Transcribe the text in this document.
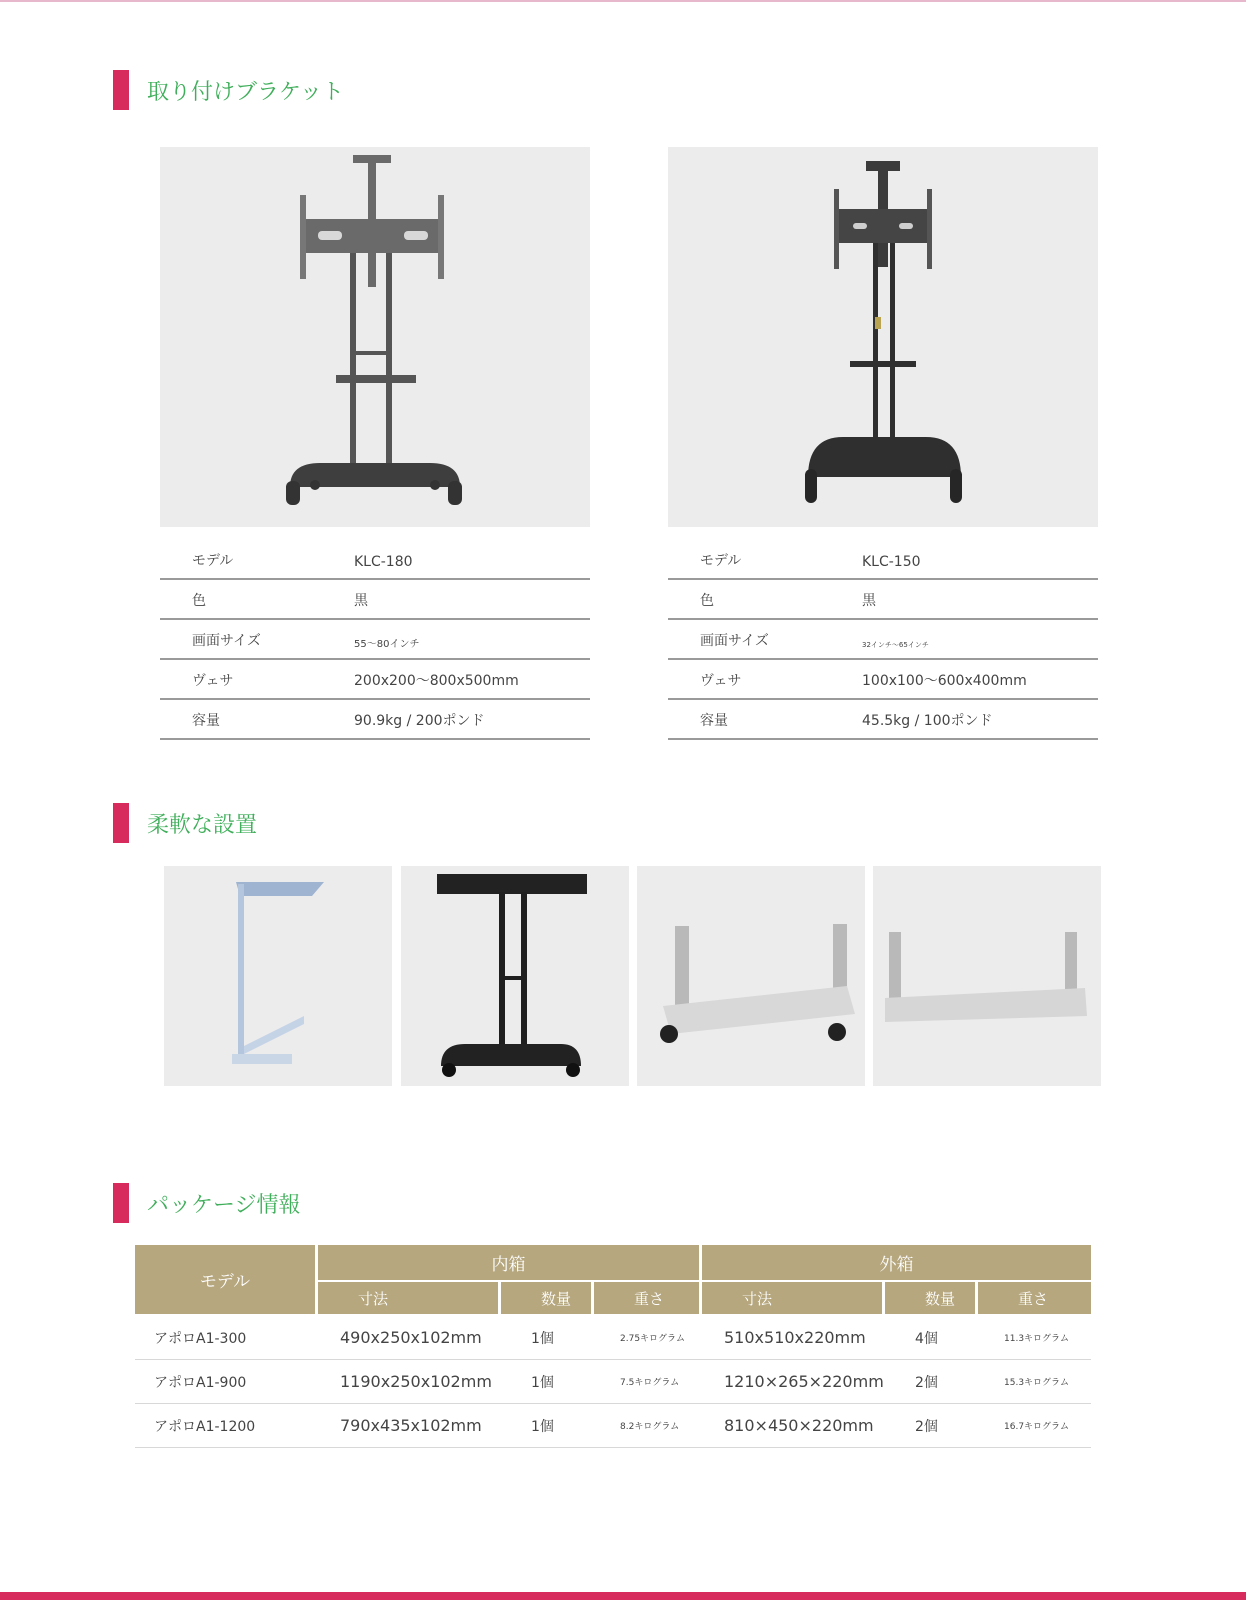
取り付けブラケット
モデル	KLC-180
色	黒
画面サイズ	55〜80インチ
ヴェサ	200x200〜800x500mm
容量	90.9kg / 200ポンド
モデル	KLC-150
色	黒
画面サイズ	32インチ〜65インチ
ヴェサ	100x100〜600x400mm
容量	45.5kg / 100ポンド
柔軟な設置
パッケージ情報
モデル	内箱			外箱		
	寸法	数量	重さ	寸法	数量	重さ
アポロA1-300	490x250x102mm	1個	2.75キログラム	510x510x220mm	4個	11.3キログラム
アポロA1-900	1190x250x102mm	1個	7.5キログラム	1210×265×220mm	2個	15.3キログラム
アポロA1-1200	790x435x102mm	1個	8.2キログラム	810×450×220mm	2個	16.7キログラム
